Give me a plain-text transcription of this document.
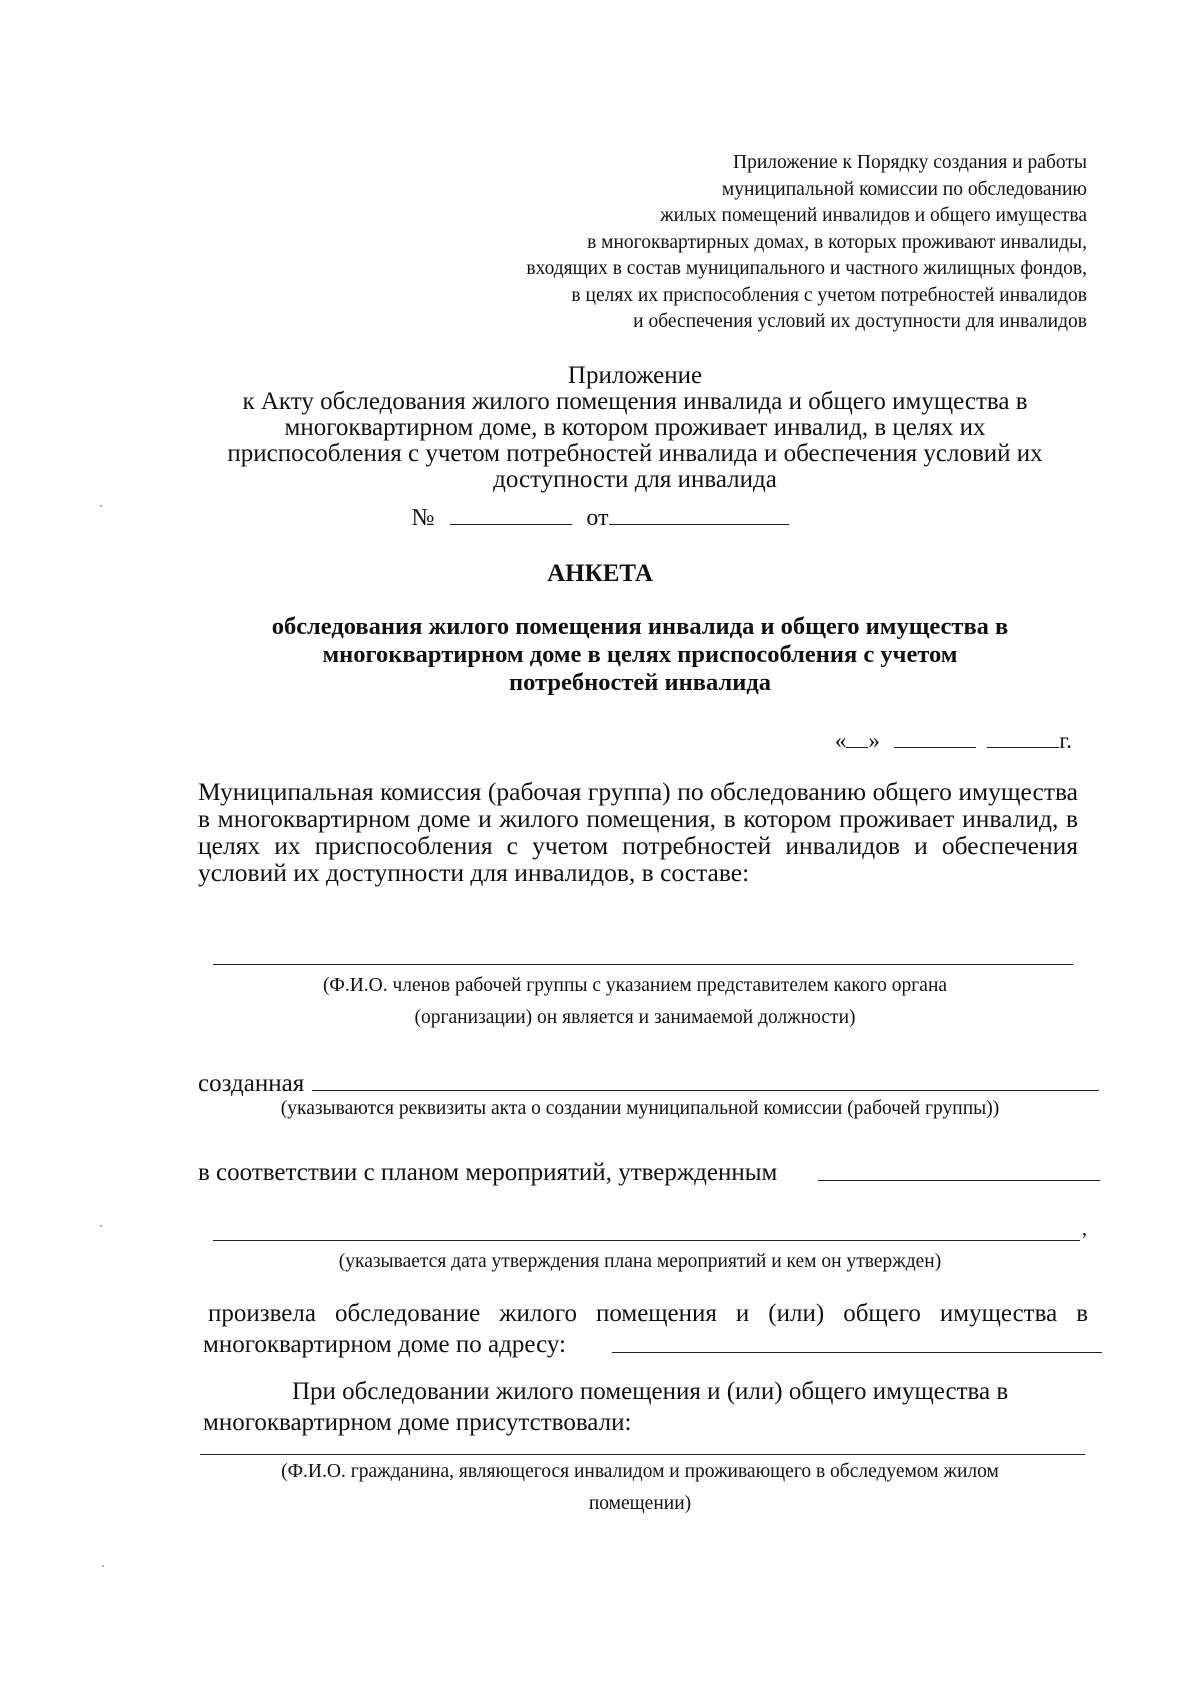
Приложение к Порядку создания и работы
муниципальной комиссии по обследованию
жилых помещений инвалидов и общего имущества
в многоквартирных домах, в которых проживают инвалиды,
входящих в состав муниципального и частного жилищных фондов,
в целях их приспособления с учетом потребностей инвалидов
и обеспечения условий их доступности для инвалидов
Приложение
к Акту обследования жилого помещения инвалида и общего имущества в
многоквартирном доме, в котором проживает инвалид, в целях их
приспособления с учетом потребностей инвалида и обеспечения условий их
доступности для инвалида
№	от
АНКЕТА
обследования жилого помещения инвалида и общего имущества в
многоквартирном доме в целях приспособления с учетом
потребностей инвалида
« »	г.
Муниципальная комиссия (рабочая группа) по обследованию общего имущества в многоквартирном доме и жилого помещения, в котором проживает инвалид, в целях их приспособления с учетом потребностей инвалидов и обеспечения условий их доступности для инвалидов, в составе:
(Ф.И.О. членов рабочей группы с указанием представителем какого органа
(организации) он является и занимаемой должности)
созданная
(указываются реквизиты акта о создании муниципальной комиссии (рабочей группы))
в соответствии с планом мероприятий, утвержденным
,
(указывается дата утверждения плана мероприятий и кем он утвержден)
произвела обследование жилого помещения и (или) общего имущества в
многоквартирном доме по адресу:
При обследовании жилого помещения и (или) общего имущества в
многоквартирном доме присутствовали:
(Ф.И.О. гражданина, являющегося инвалидом и проживающего в обследуемом жилом
помещении)
